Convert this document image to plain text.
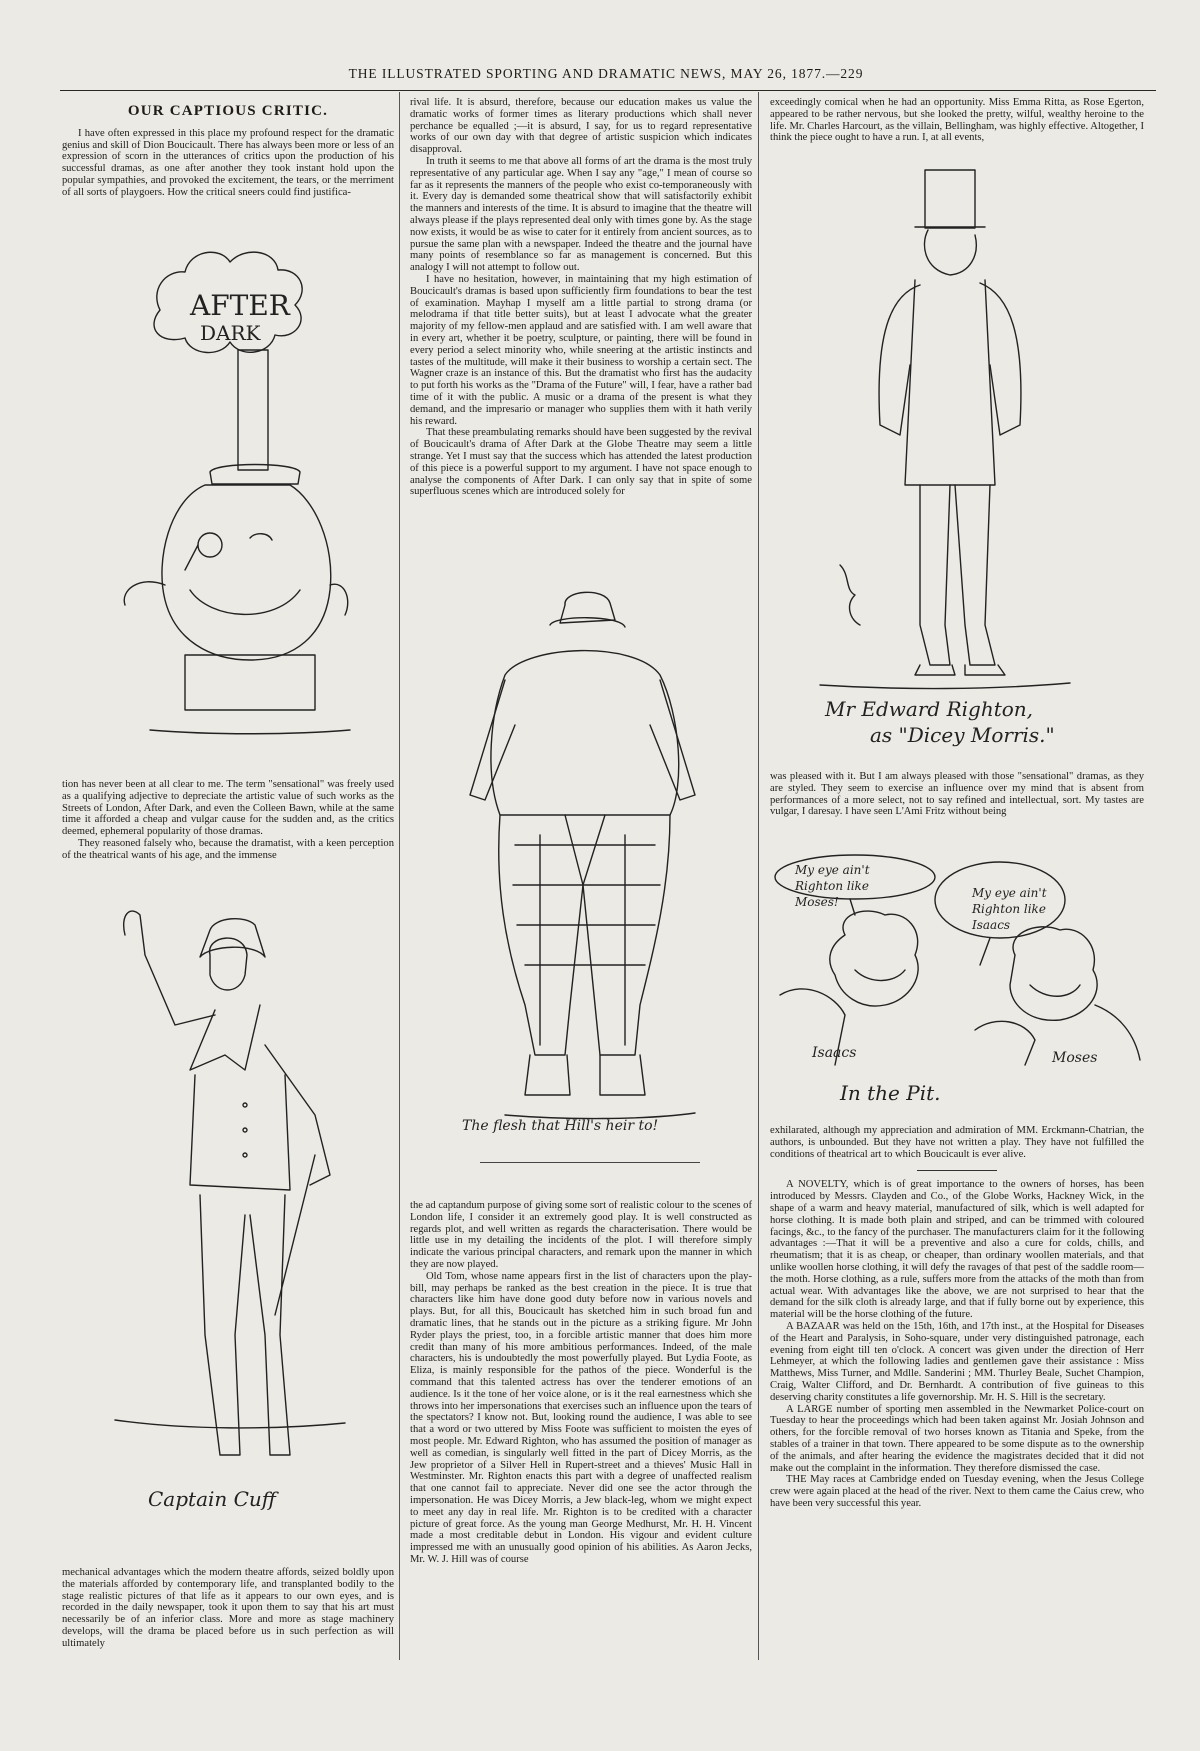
THE ILLUSTRATED SPORTING AND DRAMATIC NEWS, MAY 26, 1877.—229
OUR CAPTIOUS CRITIC.

I have often expressed in this place my profound respect for the dramatic genius and skill of Dion Boucicault. There has always been more or less of an expression of scorn in the utterances of critics upon the production of his successful dramas, as one after another they took instant hold upon the popular sympathies, and provoked the excitement, the tears, or the merriment of all sorts of playgoers. How the critical sneers could find justifica-

AFTER
DARK

tion has never been at all clear to me. The term "sensational" was freely used as a qualifying adjective to depreciate the artistic value of such works as the Streets of London, After Dark, and even the Colleen Bawn, while at the same time it afforded a cheap and vulgar cause for the sudden and, as the critics deemed, ephemeral popularity of those dramas.

They reasoned falsely who, because the dramatist, with a keen perception of the theatrical wants of his age, and the immense

Captain Cuff

mechanical advantages which the modern theatre affords, seized boldly upon the materials afforded by contemporary life, and transplanted bodily to the stage realistic pictures of that life as it appears to our own eyes, and is recorded in the daily newspaper, took it upon them to say that his art must necessarily be of an inferior class. More and more as stage machinery develops, will the drama be placed before us in such perfection as will ultimately

rival life. It is absurd, therefore, because our education makes us value the dramatic works of former times as literary productions which shall never perchance be equalled ;—it is absurd, I say, for us to regard representative works of our own day with that degree of artistic suspicion which indicates disapproval.

In truth it seems to me that above all forms of art the drama is the most truly representative of any particular age. When I say any "age," I mean of course so far as it represents the manners of the people who exist co-temporaneously with it. Every day is demanded some theatrical show that will satisfactorily exhibit the manners and interests of the time. It is absurd to imagine that the theatre will always please if the plays represented deal only with times gone by. As the stage now exists, it would be as wise to cater for it entirely from ancient sources, as to pursue the same plan with a newspaper. Indeed the theatre and the journal have many points of resemblance so far as management is concerned. But this analogy I will not attempt to follow out.

I have no hesitation, however, in maintaining that my high estimation of Boucicault's dramas is based upon sufficiently firm foundations to bear the test of examination. Mayhap I myself am a little partial to strong drama (or melodrama if that title better suits), but at least I advocate what the greater majority of my fellow-men applaud and are satisfied with. I am well aware that in every art, whether it be poetry, sculpture, or painting, there will be found in every period a select minority who, while sneering at the artistic instincts and tastes of the multitude, will make it their business to worship a certain sect. The Wagner craze is an instance of this. But the dramatist who first has the audacity to put forth his works as the "Drama of the Future" will, I fear, have a rather bad time of it with the public. A music or a drama of the present is what they demand, and the impresario or manager who supplies them with it hath verily his reward.

That these preambulating remarks should have been suggested by the revival of Boucicault's drama of After Dark at the Globe Theatre may seem a little strange. Yet I must say that the success which has attended the latest production of this piece is a powerful support to my argument. I have not space enough to analyse the components of After Dark. I can only say that in spite of some superfluous scenes which are introduced solely for

The flesh that Hill's heir to!

the ad captandum purpose of giving some sort of realistic colour to the scenes of London life, I consider it an extremely good play. It is well constructed as regards plot, and well written as regards the characterisation. There would be little use in my detailing the incidents of the plot. I will therefore simply indicate the various principal characters, and remark upon the manner in which they are now played.

Old Tom, whose name appears first in the list of characters upon the play-bill, may perhaps be ranked as the best creation in the piece. It is true that characters like him have done good duty before now in various novels and plays. But, for all this, Boucicault has sketched him in such broad fun and dramatic lines, that he stands out in the picture as a striking figure. Mr John Ryder plays the priest, too, in a forcible artistic manner that does him more credit than many of his more ambitious performances. Indeed, of the male characters, his is undoubtedly the most powerfully played. But Lydia Foote, as Eliza, is mainly responsible for the pathos of the piece. Wonderful is the command that this talented actress has over the tenderer emotions of an audience. Is it the tone of her voice alone, or is it the real earnestness which she throws into her impersonations that exercises such an influence upon the tears of the spectators? I know not. But, looking round the audience, I was able to see that a word or two uttered by Miss Foote was sufficient to moisten the eyes of most people. Mr. Edward Righton, who has assumed the position of manager as well as comedian, is singularly well fitted in the part of Dicey Morris, as the Jew proprietor of a Silver Hell in Rupert-street and a thieves' Music Hall in Westminster. Mr. Righton enacts this part with a degree of unaffected realism that one cannot fail to appreciate. Never did one see the actor through the impersonation. He was Dicey Morris, a Jew black-leg, whom we might expect to meet any day in real life. Mr. Righton is to be credited with a character picture of great force. As the young man George Medhurst, Mr. H. H. Vincent made a most creditable debut in London. His vigour and evident culture impressed me with an unusually good opinion of his abilities. As Aaron Jecks, Mr. W. J. Hill was of course

exceedingly comical when he had an opportunity. Miss Emma Ritta, as Rose Egerton, appeared to be rather nervous, but she looked the pretty, wilful, wealthy heroine to the life. Mr. Charles Harcourt, as the villain, Bellingham, was highly effective. Altogether, I think the piece ought to have a run. I, at all events,

Mr Edward Righton,
as "Dicey Morris."

was pleased with it. But I am always pleased with those "sensational" dramas, as they are styled. They seem to exercise an influence over my mind that is absent from performances of a more select, not to say refined and intellectual, sort. My tastes are vulgar, I daresay. I have seen L'Ami Fritz without being

My eye ain't Righton like Moses!
My eye ain't Righton like Isaacs
Isaacs	Moses
In the Pit.

exhilarated, although my appreciation and admiration of MM. Erckmann-Chatrian, the authors, is unbounded. But they have not written a play. They have not fulfilled the conditions of theatrical art to which Boucicault is ever alive.

A NOVELTY, which is of great importance to the owners of horses, has been introduced by Messrs. Clayden and Co., of the Globe Works, Hackney Wick, in the shape of a warm and heavy material, manufactured of silk, which is well adapted for horse clothing. It is made both plain and striped, and can be trimmed with coloured facings, &c., to the fancy of the purchaser. The manufacturers claim for it the following advantages :—That it will be a preventive and also a cure for colds, chills, and rheumatism; that it is as cheap, or cheaper, than ordinary woollen materials, and that unlike woollen horse clothing, it will defy the ravages of that pest of the saddle room—the moth. Horse clothing, as a rule, suffers more from the attacks of the moth than from actual wear. With advantages like the above, we are not surprised to hear that the demand for the silk cloth is already large, and that if fully borne out by experience, this material will be the horse clothing of the future.

A BAZAAR was held on the 15th, 16th, and 17th inst., at the Hospital for Diseases of the Heart and Paralysis, in Soho-square, under very distinguished patronage, each evening from eight till ten o'clock. A concert was given under the direction of Herr Lehmeyer, at which the following ladies and gentlemen gave their assistance : Miss Matthews, Miss Turner, and Mdlle. Sanderini ; MM. Thurley Beale, Suchet Champion, Craig, Walter Clifford, and Dr. Bernhardt. A contribution of five guineas to this deserving charity constitutes a life governorship. Mr. H. S. Hill is the secretary.

A LARGE number of sporting men assembled in the Newmarket Police-court on Tuesday to hear the proceedings which had been taken against Mr. Josiah Johnson and others, for the forcible removal of two horses known as Titania and Speke, from the stables of a trainer in that town. There appeared to be some dispute as to the ownership of the animals, and after hearing the evidence the magistrates decided that it did not make out the complaint in the information. They therefore dismissed the case.

THE May races at Cambridge ended on Tuesday evening, when the Jesus College crew were again placed at the head of the river. Next to them came the Caius crew, who have been very successful this year.
